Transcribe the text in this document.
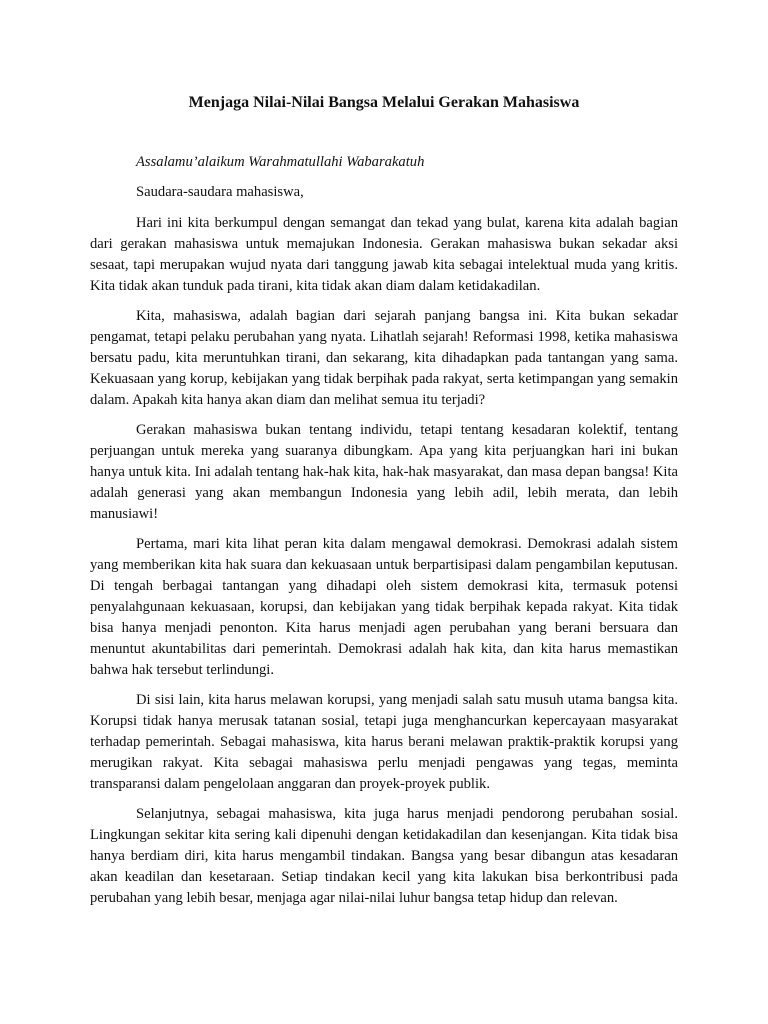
Menjaga Nilai-Nilai Bangsa Melalui Gerakan Mahasiswa

Assalamu’alaikum Warahmatullahi Wabarakatuh

Saudara-saudara mahasiswa,

Hari ini kita berkumpul dengan semangat dan tekad yang bulat, karena kita adalah bagian dari gerakan mahasiswa untuk memajukan Indonesia. Gerakan mahasiswa bukan sekadar aksi sesaat, tapi merupakan wujud nyata dari tanggung jawab kita sebagai intelektual muda yang kritis. Kita tidak akan tunduk pada tirani, kita tidak akan diam dalam ketidakadilan.

Kita, mahasiswa, adalah bagian dari sejarah panjang bangsa ini. Kita bukan sekadar pengamat, tetapi pelaku perubahan yang nyata. Lihatlah sejarah! Reformasi 1998, ketika mahasiswa bersatu padu, kita meruntuhkan tirani, dan sekarang, kita dihadapkan pada tantangan yang sama. Kekuasaan yang korup, kebijakan yang tidak berpihak pada rakyat, serta ketimpangan yang semakin dalam. Apakah kita hanya akan diam dan melihat semua itu terjadi?

Gerakan mahasiswa bukan tentang individu, tetapi tentang kesadaran kolektif, tentang perjuangan untuk mereka yang suaranya dibungkam. Apa yang kita perjuangkan hari ini bukan hanya untuk kita. Ini adalah tentang hak-hak kita, hak-hak masyarakat, dan masa depan bangsa! Kita adalah generasi yang akan membangun Indonesia yang lebih adil, lebih merata, dan lebih manusiawi!

Pertama, mari kita lihat peran kita dalam mengawal demokrasi. Demokrasi adalah sistem yang memberikan kita hak suara dan kekuasaan untuk berpartisipasi dalam pengambilan keputusan. Di tengah berbagai tantangan yang dihadapi oleh sistem demokrasi kita, termasuk potensi penyalahgunaan kekuasaan, korupsi, dan kebijakan yang tidak berpihak kepada rakyat. Kita tidak bisa hanya menjadi penonton. Kita harus menjadi agen perubahan yang berani bersuara dan menuntut akuntabilitas dari pemerintah. Demokrasi adalah hak kita, dan kita harus memastikan bahwa hak tersebut terlindungi.

Di sisi lain, kita harus melawan korupsi, yang menjadi salah satu musuh utama bangsa kita. Korupsi tidak hanya merusak tatanan sosial, tetapi juga menghancurkan kepercayaan masyarakat terhadap pemerintah. Sebagai mahasiswa, kita harus berani melawan praktik-praktik korupsi yang merugikan rakyat. Kita sebagai mahasiswa perlu menjadi pengawas yang tegas, meminta transparansi dalam pengelolaan anggaran dan proyek-proyek publik.

Selanjutnya, sebagai mahasiswa, kita juga harus menjadi pendorong perubahan sosial. Lingkungan sekitar kita sering kali dipenuhi dengan ketidakadilan dan kesenjangan. Kita tidak bisa hanya berdiam diri, kita harus mengambil tindakan. Bangsa yang besar dibangun atas kesadaran akan keadilan dan kesetaraan. Setiap tindakan kecil yang kita lakukan bisa berkontribusi pada perubahan yang lebih besar, menjaga agar nilai-nilai luhur bangsa tetap hidup dan relevan.
